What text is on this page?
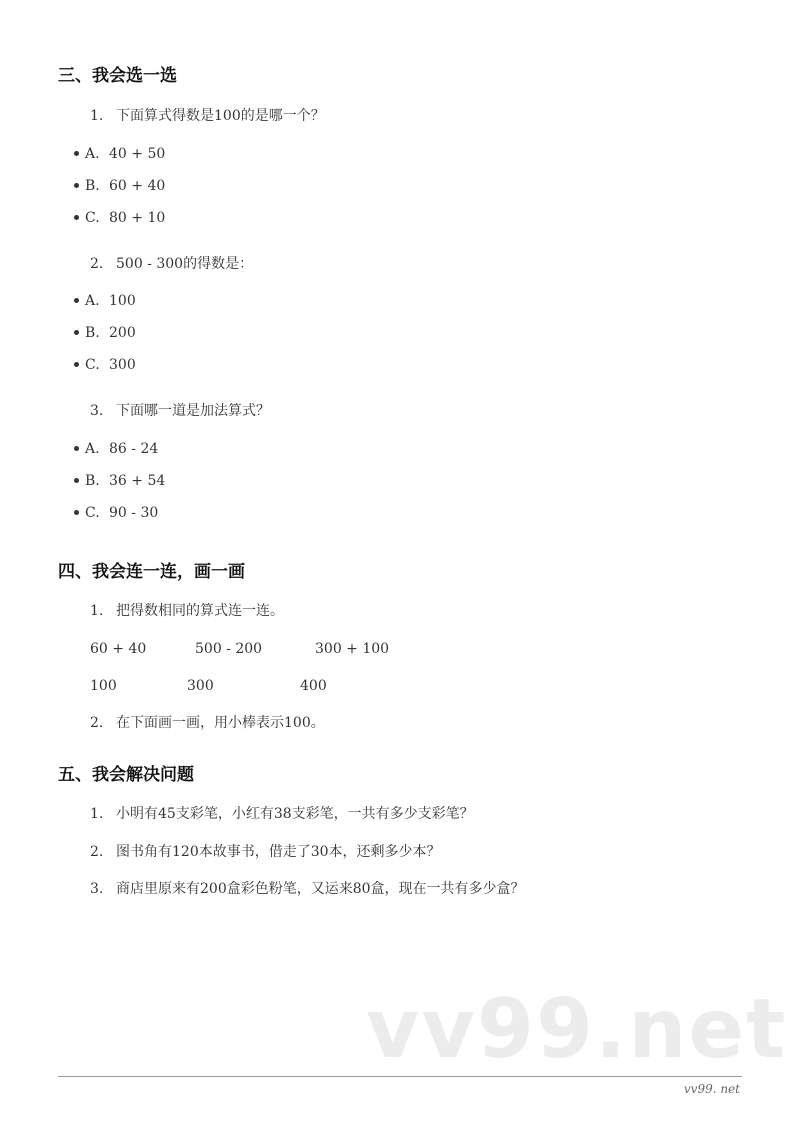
三、我会选一选
1. 下面算式得数是100的是哪一个？
A. 40 + 50
B. 60 + 40
C. 80 + 10
2. 500 - 300的得数是：
A. 100
B. 200
C. 300
3. 下面哪一道是加法算式？
A. 86 - 24
B. 36 + 54
C. 90 - 30
四、我会连一连，画一画
1. 把得数相同的算式连一连。
60 + 40	500 - 200	300 + 100
100	300	400
2. 在下面画一画，用小棒表示100。
五、我会解决问题
1. 小明有45支彩笔，小红有38支彩笔，一共有多少支彩笔？
2. 图书角有120本故事书，借走了30本，还剩多少本？
3. 商店里原来有200盒彩色粉笔，又运来80盒，现在一共有多少盒？
vv99.net
vv99. net
